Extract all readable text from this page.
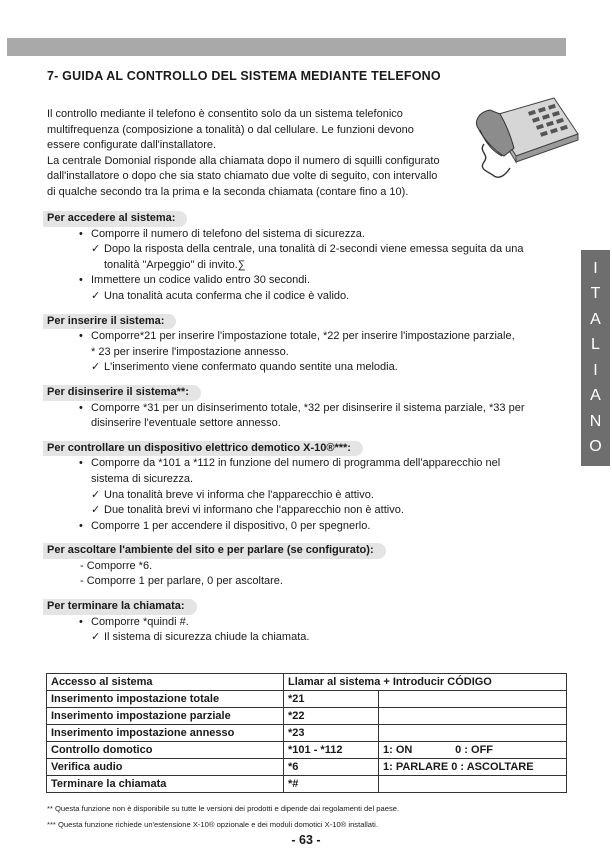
7- GUIDA AL CONTROLLO DEL SISTEMA MEDIANTE TELEFONO

Il controllo mediante il telefono è consentito solo da un sistema telefonico

multifrequenza (composizione a tonalità) o dal cellulare. Le funzioni devono

essere configurate dall'installatore.

La centrale Domonial risponde alla chiamata dopo il numero di squilli configurato

dall'installatore o dopo che sia stato chiamato due volte di seguito, con intervallo

di qualche secondo tra la prima e la seconda chiamata (contare fino a 10).

I
T
A
L
I
A
N
O
Per accedere al sistema:
• Comporre il numero di telefono del sistema di sicurezza.
✓ Dopo la risposta della centrale, una tonalità di 2-secondi viene emessa seguita da una
tonalità "Arpeggio" di invito.∑
• Immettere un codice valido entro 30 secondi.
✓ Una tonalità acuta conferma che il codice è valido.
Per inserire il sistema:
• Comporre*21 per inserire l'impostazione totale, *22 per inserire l'impostazione parziale,
* 23 per inserire l'impostazione annesso.
✓ L'inserimento viene confermato quando sentite una melodia.
Per disinserire il sistema**:
• Comporre *31 per un disinserimento totale, *32 per disinserire il sistema parziale, *33 per
disinserire l'eventuale settore annesso.
Per controllare un dispositivo elettrico demotico X-10®***:
• Comporre da *101 a *112 in funzione del numero di programma dell'apparecchio nel
sistema di sicurezza.
✓ Una tonalità breve vi informa che l'apparecchio è attivo.
✓ Due tonalità brevi vi informano che l'apparecchio non è attivo.
• Comporre 1 per accendere il dispositivo, 0 per spegnerlo.
Per ascoltare l'ambiente del sito e per parlare (se configurato):
- Comporre *6.
- Comporre 1 per parlare, 0 per ascoltare.
Per terminare la chiamata:
• Comporre *quindi #.
✓ Il sistema di sicurezza chiude la chiamata.
Accesso al sistema	Llamar al sistema + Introducir CÓDIGO	
Inserimento impostazione totale	*21	
Inserimento impostazione parziale	*22	
Inserimento impostazione annesso	*23	
Controllo domotico	*101 - *112	1: ON              0 : OFF
Verifica audio	*6	1: PARLARE 0 : ASCOLTARE
Terminare la chiamata	*#	
** Questa funzione non è disponibile su tutte le versioni dei prodotti e dipende dai regolamenti del paese.
*** Questa funzione richiede un'estensione X-10® opzionale e dei moduli domotici X-10® installati.
- 63 -
